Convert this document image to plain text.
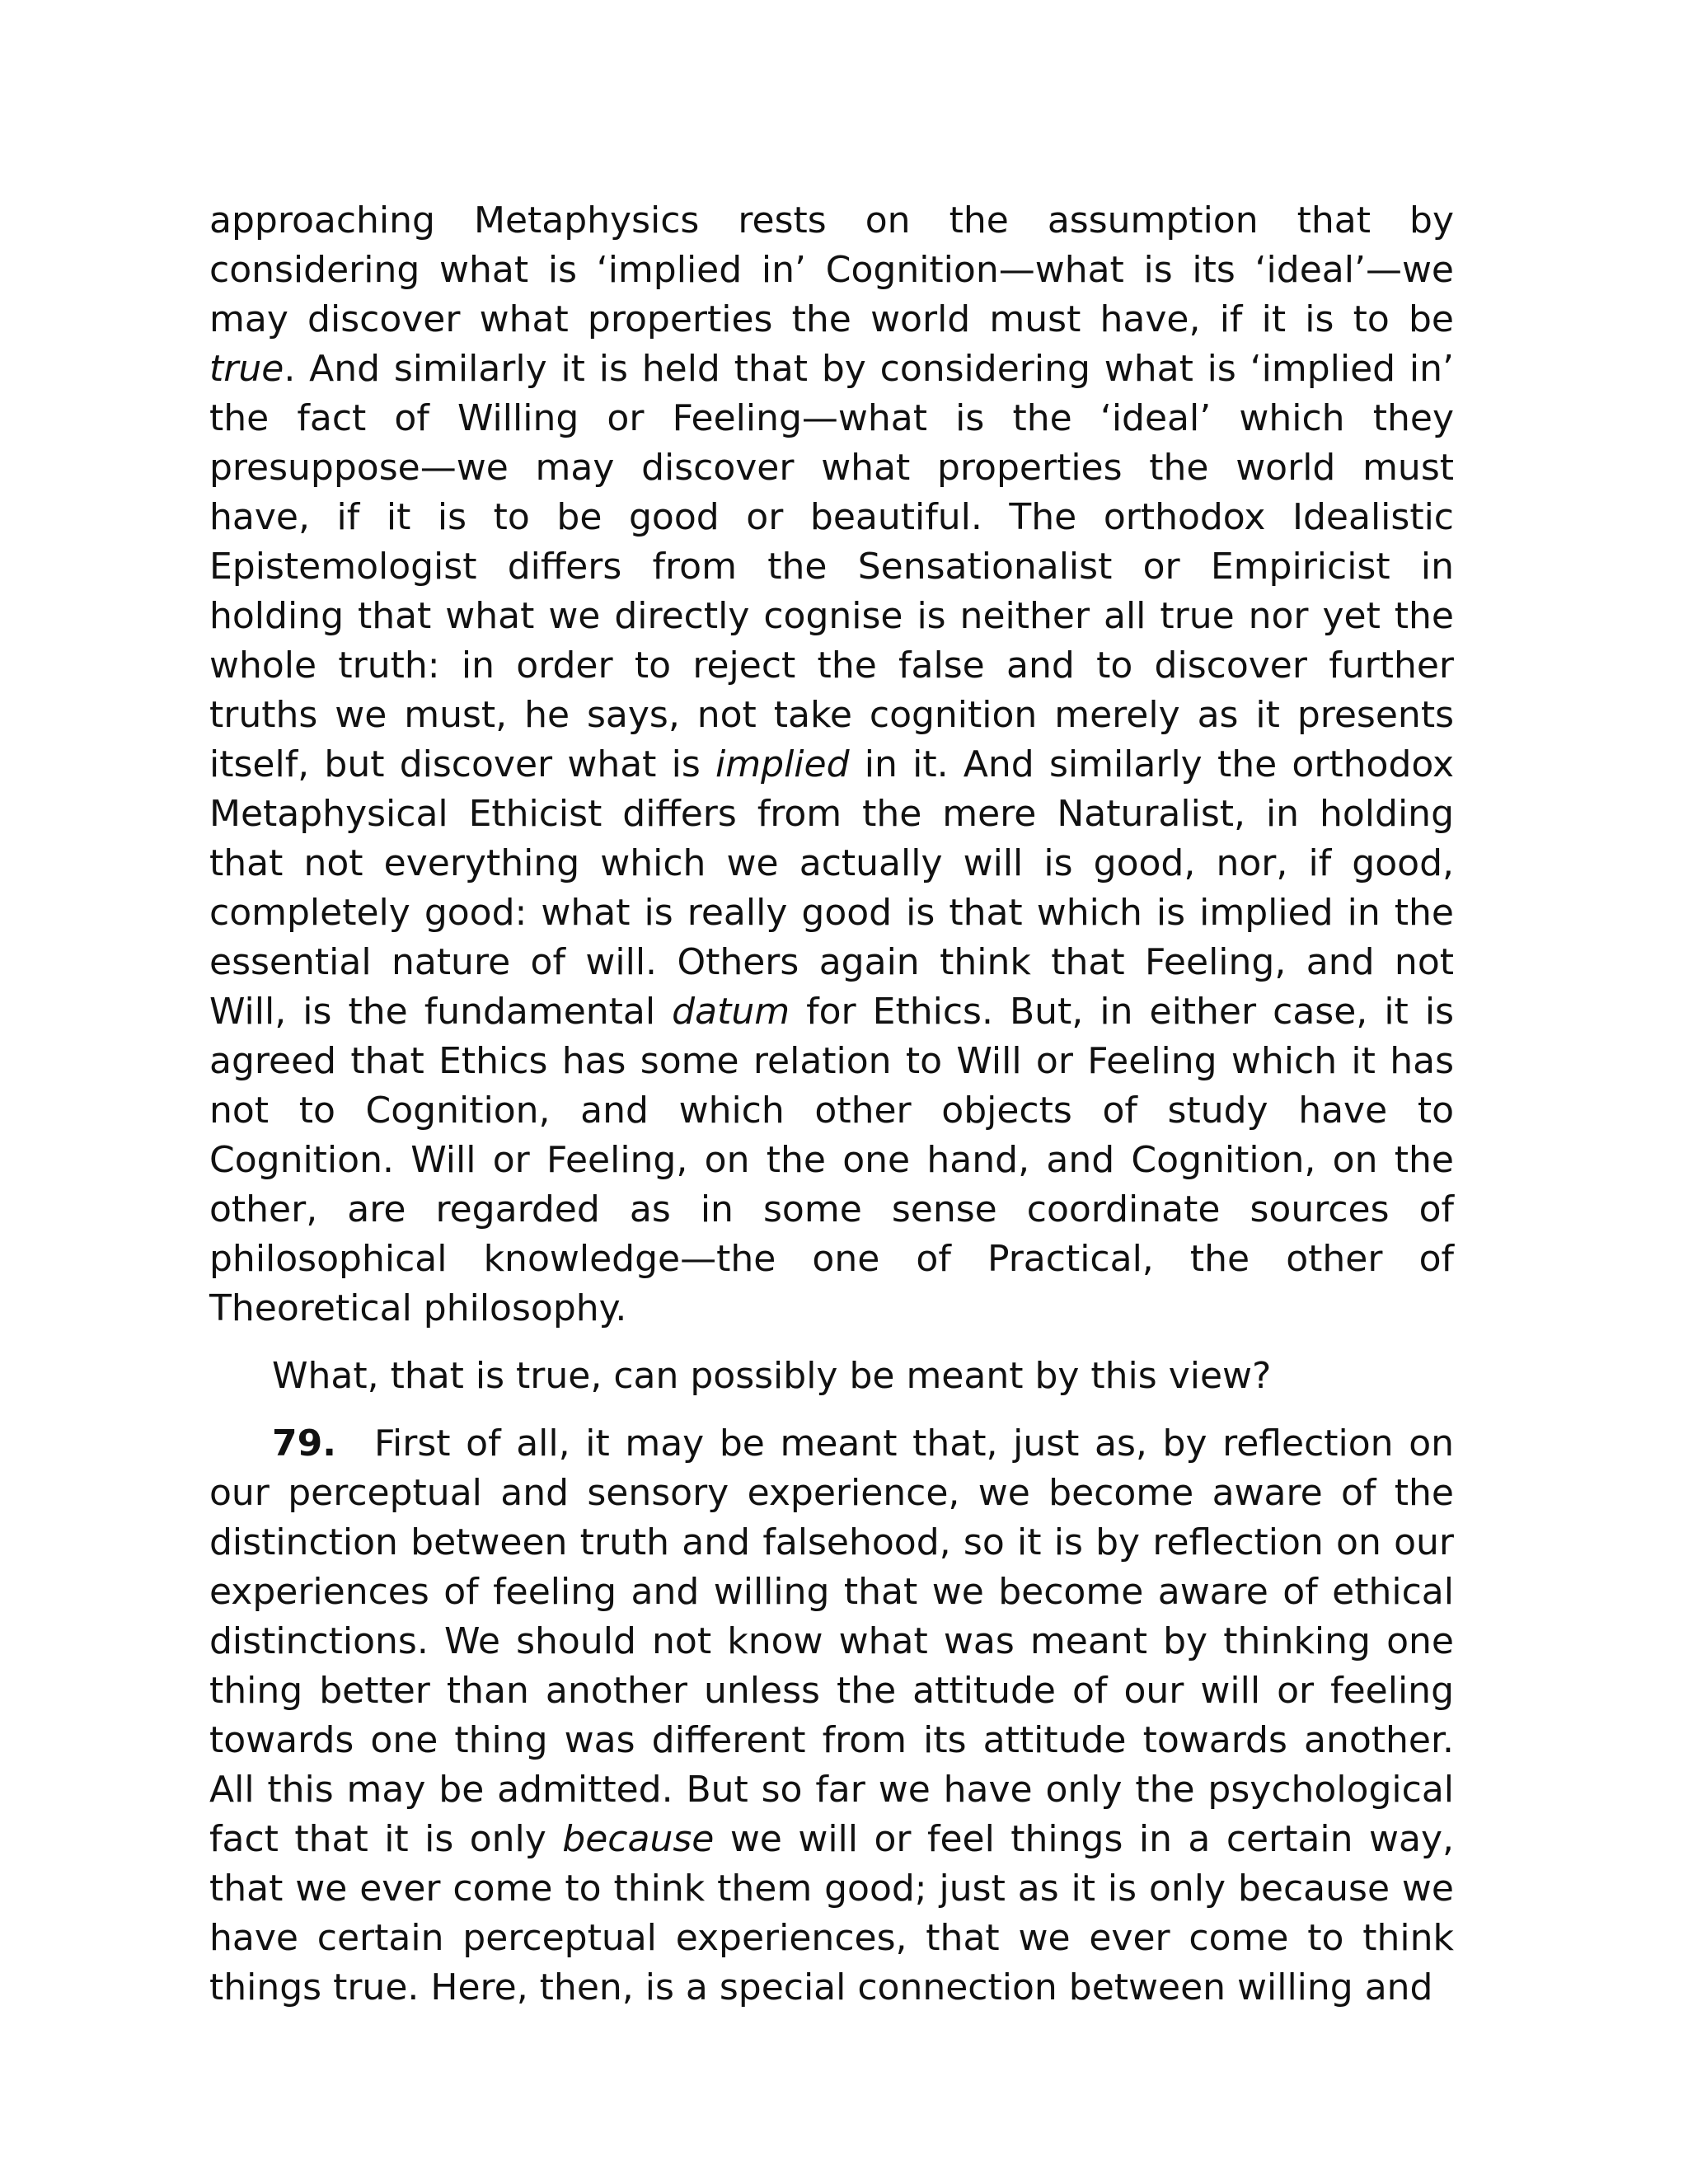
approaching Metaphysics rests on the assumption that by considering what is ‘implied in’ Cognition—what is its ‘ideal’—we may discover what properties the world must have, if it is to be true. And similarly it is held that by considering what is ‘implied in’ the fact of Willing or Feeling—what is the ‘ideal’ which they presuppose—we may discover what properties the world must have, if it is to be good or beautiful. The orthodox Idealistic Epistemologist differs from the Sensationalist or Empiricist in holding that what we directly cognise is neither all true nor yet the whole truth: in order to reject the false and to discover further truths we must, he says, not take cognition merely as it presents itself, but discover what is implied in it. And similarly the orthodox Metaphysical Ethicist differs from the mere Naturalist, in holding that not everything which we actually will is good, nor, if good, completely good: what is really good is that which is implied in the essential nature of will. Others again think that Feeling, and not Will, is the fundamental datum for Ethics. But, in either case, it is agreed that Ethics has some relation to Will or Feeling which it has not to Cognition, and which other objects of study have to Cognition. Will or Feeling, on the one hand, and Cognition, on the other, are regarded as in some sense coordinate sources of philosophical knowledge—the one of Practical, the other of Theoretical philosophy.

What, that is true, can possibly be meant by this view?

79. First of all, it may be meant that, just as, by reflection on our perceptual and sensory experience, we become aware of the distinction between truth and falsehood, so it is by reflection on our experiences of feeling and willing that we become aware of ethical distinctions. We should not know what was meant by thinking one thing better than another unless the attitude of our will or feeling towards one thing was different from its attitude towards another. All this may be admitted. But so far we have only the psychological fact that it is only because we will or feel things in a certain way, that we ever come to think them good; just as it is only because we have certain perceptual experiences, that we ever come to think things true. Here, then, is a special connection between willing and
